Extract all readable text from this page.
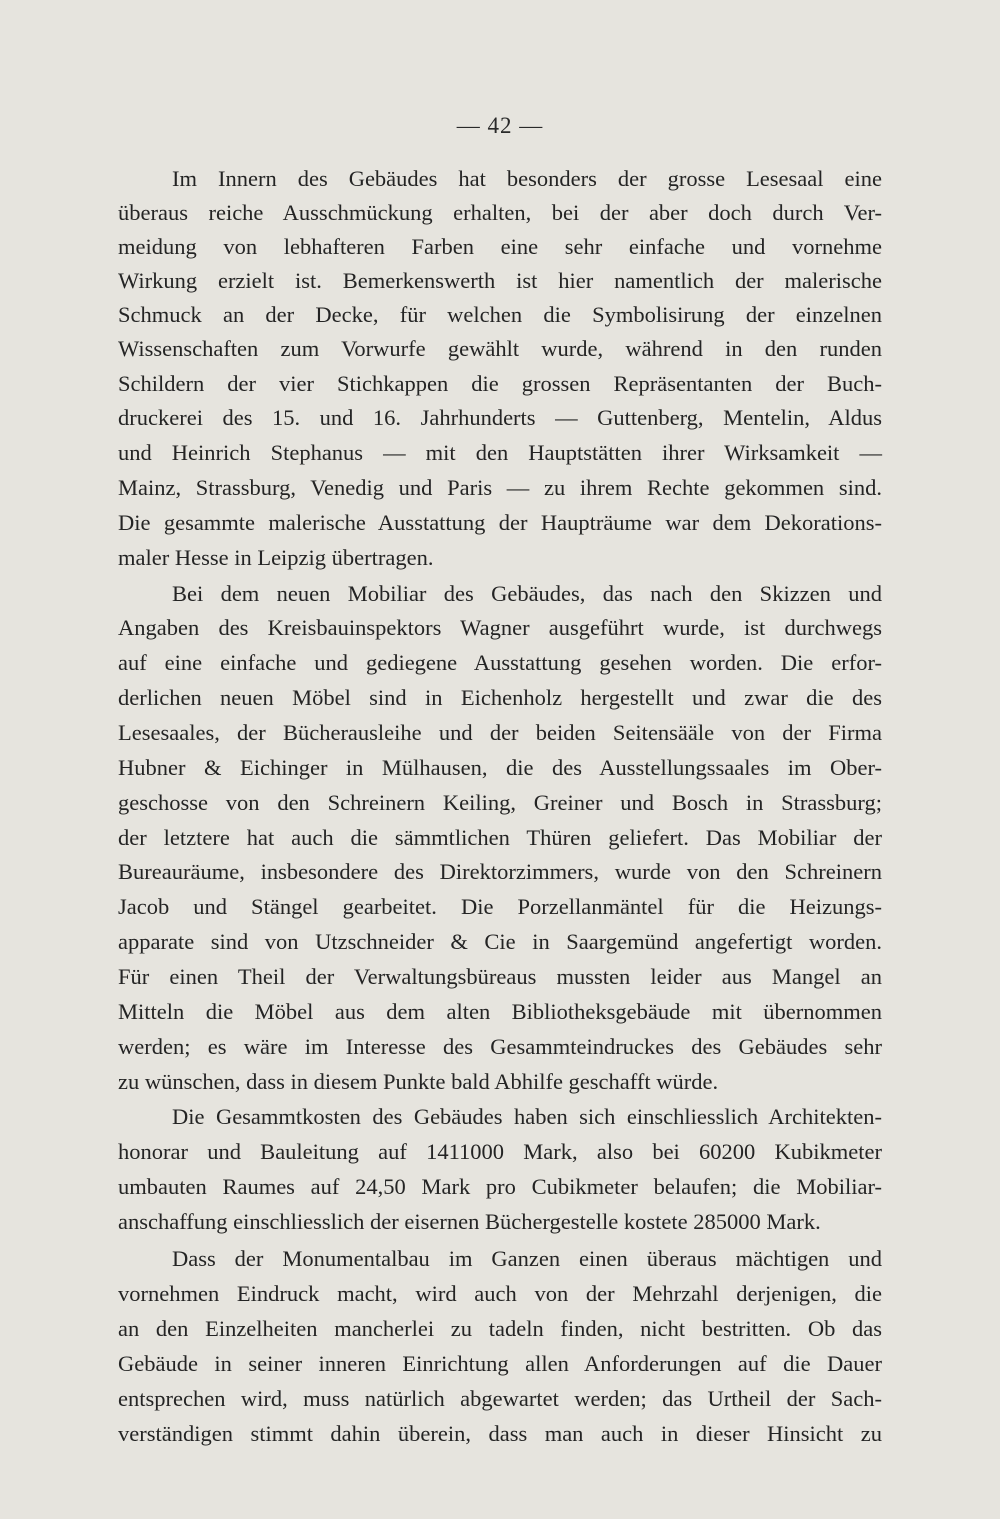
— 42 —
Im Innern des Gebäudes hat besonders der grosse Lesesaal eine
überaus reiche Ausschmückung erhalten, bei der aber doch durch Ver-
meidung von lebhafteren Farben eine sehr einfache und vornehme
Wirkung erzielt ist. Bemerkenswerth ist hier namentlich der malerische
Schmuck an der Decke, für welchen die Symbolisirung der einzelnen
Wissenschaften zum Vorwurfe gewählt wurde, während in den runden
Schildern der vier Stichkappen die grossen Repräsentanten der Buch-
druckerei des 15. und 16. Jahrhunderts — Guttenberg, Mentelin, Aldus
und Heinrich Stephanus — mit den Hauptstätten ihrer Wirksamkeit —
Mainz, Strassburg, Venedig und Paris — zu ihrem Rechte gekommen sind.
Die gesammte malerische Ausstattung der Haupträume war dem Dekorations-
maler Hesse in Leipzig übertragen.
Bei dem neuen Mobiliar des Gebäudes, das nach den Skizzen und
Angaben des Kreisbauinspektors Wagner ausgeführt wurde, ist durchwegs
auf eine einfache und gediegene Ausstattung gesehen worden. Die erfor-
derlichen neuen Möbel sind in Eichenholz hergestellt und zwar die des
Lesesaales, der Bücherausleihe und der beiden Seitensääle von der Firma
Hubner & Eichinger in Mülhausen, die des Ausstellungssaales im Ober-
geschosse von den Schreinern Keiling, Greiner und Bosch in Strassburg;
der letztere hat auch die sämmtlichen Thüren geliefert. Das Mobiliar der
Bureauräume, insbesondere des Direktorzimmers, wurde von den Schreinern
Jacob und Stängel gearbeitet. Die Porzellanmäntel für die Heizungs-
apparate sind von Utzschneider & Cie in Saargemünd angefertigt worden.
Für einen Theil der Verwaltungsbüreaus mussten leider aus Mangel an
Mitteln die Möbel aus dem alten Bibliotheksgebäude mit übernommen
werden; es wäre im Interesse des Gesammteindruckes des Gebäudes sehr
zu wünschen, dass in diesem Punkte bald Abhilfe geschafft würde.
Die Gesammtkosten des Gebäudes haben sich einschliesslich Architekten-
honorar und Bauleitung auf 1411000 Mark, also bei 60200 Kubikmeter
umbauten Raumes auf 24,50 Mark pro Cubikmeter belaufen; die Mobiliar-
anschaffung einschliesslich der eisernen Büchergestelle kostete 285000 Mark.
Dass der Monumentalbau im Ganzen einen überaus mächtigen und
vornehmen Eindruck macht, wird auch von der Mehrzahl derjenigen, die
an den Einzelheiten mancherlei zu tadeln finden, nicht bestritten. Ob das
Gebäude in seiner inneren Einrichtung allen Anforderungen auf die Dauer
entsprechen wird, muss natürlich abgewartet werden; das Urtheil der Sach-
verständigen stimmt dahin überein, dass man auch in dieser Hinsicht zu
